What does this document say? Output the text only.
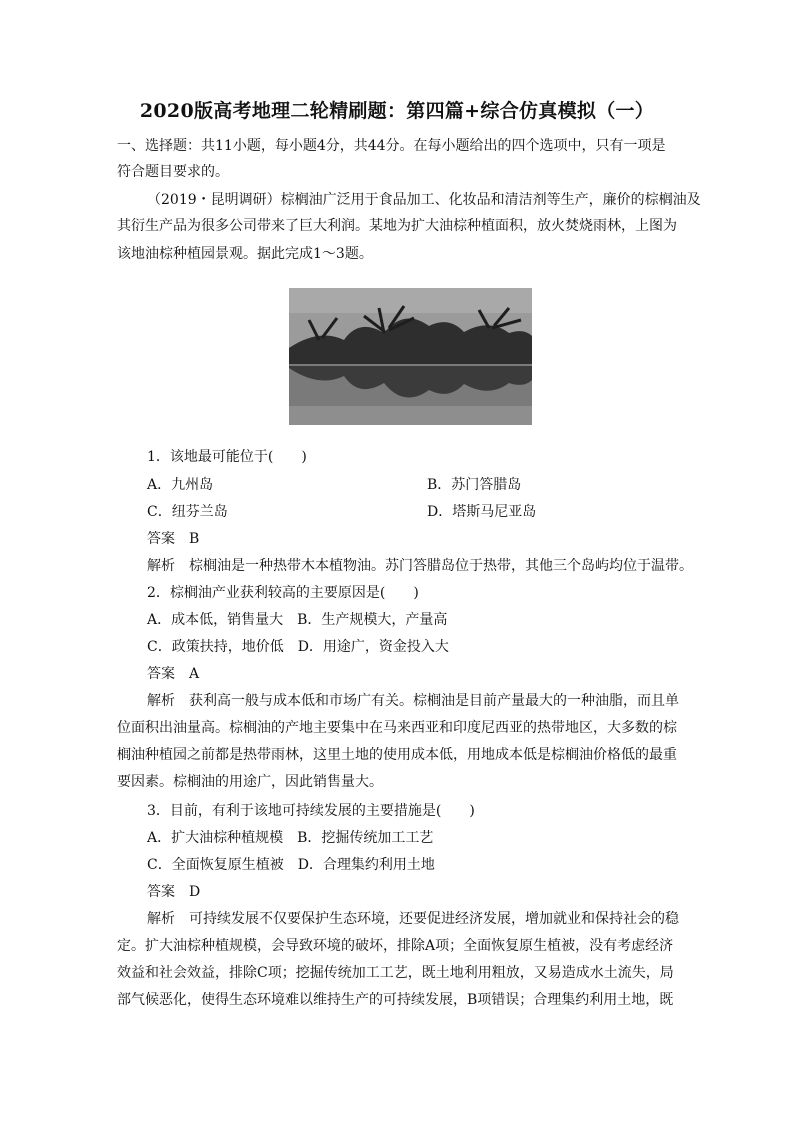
2020版高考地理二轮精刷题：第四篇+综合仿真模拟（一）
一、选择题：共11小题，每小题4分，共44分。在每小题给出的四个选项中，只有一项是
符合题目要求的。
（2019・昆明调研）棕榈油广泛用于食品加工、化妆品和清洁剂等生产，廉价的棕榈油及
其衍生产品为很多公司带来了巨大利润。某地为扩大油棕种植面积，放火焚烧雨林，上图为
该地油棕种植园景观。据此完成1～3题。
1．该地最可能位于(　　)
A．九州岛	B．苏门答腊岛
C．纽芬兰岛	D．塔斯马尼亚岛
答案　B
解析　棕榈油是一种热带木本植物油。苏门答腊岛位于热带，其他三个岛屿均位于温带。
2．棕榈油产业获利较高的主要原因是(　　)
A．成本低，销售量大　B．生产规模大，产量高
C．政策扶持，地价低　D．用途广，资金投入大
答案　A
解析　获利高一般与成本低和市场广有关。棕榈油是目前产量最大的一种油脂，而且单
位面积出油量高。棕榈油的产地主要集中在马来西亚和印度尼西亚的热带地区，大多数的棕
榈油种植园之前都是热带雨林，这里土地的使用成本低，用地成本低是棕榈油价格低的最重
要因素。棕榈油的用途广，因此销售量大。
3．目前，有利于该地可持续发展的主要措施是(　　)
A．扩大油棕种植规模　B．挖掘传统加工工艺
C．全面恢复原生植被　D．合理集约利用土地
答案　D
解析　可持续发展不仅要保护生态环境，还要促进经济发展，增加就业和保持社会的稳
定。扩大油棕种植规模，会导致环境的破坏，排除A项；全面恢复原生植被，没有考虑经济
效益和社会效益，排除C项；挖掘传统加工工艺，既土地利用粗放，又易造成水土流失，局
部气候恶化，使得生态环境难以维持生产的可持续发展，B项错误；合理集约利用土地，既
